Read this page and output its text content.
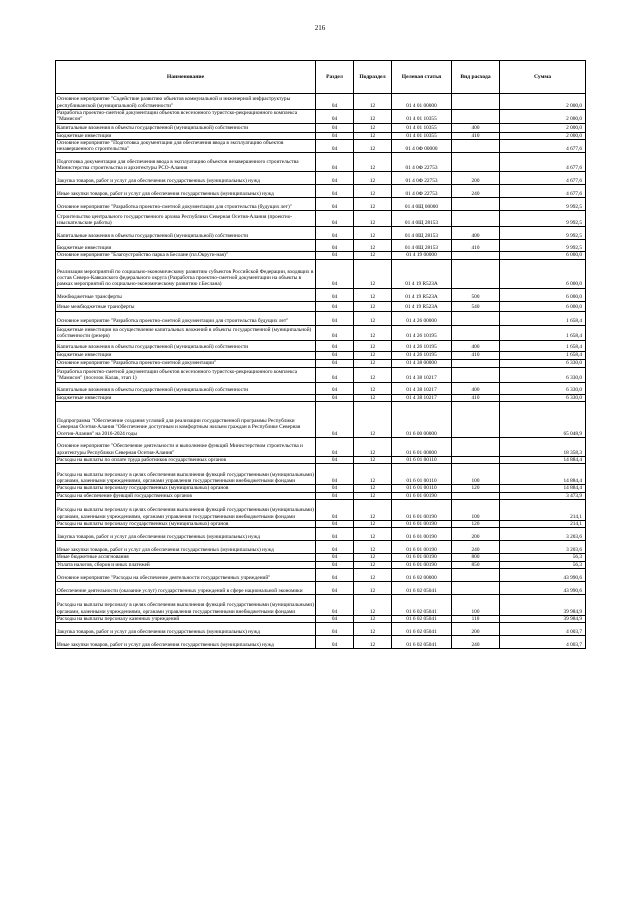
216
Наименование	Раздел	Подраздел	Целевая статья	Вид расхода	Сумма
Основное мероприятие "Содействие развитию объектов коммунальной и инженерной инфраструктуры республиканской (муниципальной) собственности"	04	12	01 4 01 00000		2 000,0
Разработка проектно-сметной документации объектов всесезонного туристско-рекреационного комплекса "Мамисон"	04	12	01 4 01 10355		2 000,0
Капитальные вложения в объекты государственной (муниципальной) собственности	04	12	01 4 01 10355	400	2 000,0
Бюджетные инвестиции	04	12	01 4 01 10355	410	2 000,0
Основное мероприятие "Подготовка документации для обеспечения ввода в эксплуатацию объектов незавершенного строительства"	04	12	01 4 0Ф 00000		4 677,6
Подготовка документации для обеспечения ввода в эксплуатацию объектов незавершенного строительства Министерства строительства и архитектуры РСО-Алания	04	12	01 4 0Ф 22753		4 677,6
Закупка товаров, работ и услуг для обеспечения государственных (муниципальных) нужд	04	12	01 4 0Ф 22753	200	4 677,6
Иные закупки товаров, работ и услуг для обеспечения государственных (муниципальных) нужд	04	12	01 4 0Ф 22753	240	4 677,6
Основное мероприятие "Разработка проектно-сметной документации для строительства (будущих лет)"	04	12	01 4 0Щ 00000		9 992,5
Строительство центрального государственного архива Республики Северная Осетия-Алания (проектно-изыскательские работы)	04	12	01 4 0Щ 28153		9 992,5
Капитальные вложения в объекты государственной (муниципальной) собственности	04	12	01 4 0Щ 28153	400	9 992,5
Бюджетные инвестиции	04	12	01 4 0Щ 28153	410	9 992,5
Основное мероприятие "Благоустройство парка в Беслане (пл.Округи-ная)"	04	12	01 4 19 00000		6 000,0
Реализация мероприятий по социально-экономическому развитию субъектов Российской Федерации, входящих в состав Северо-Кавказского федерального округа (Разработка проектно-сметной документации на объекты в рамках мероприятий по социально-экономическому развитию г.Беслана)	04	12	01 4 19 R523A		6 000,0
Межбюджетные трансферты	04	12	01 4 19 R523A	500	6 000,0
Иные межбюджетные трансферты	04	12	01 4 19 R523A	540	6 000,0
Основное мероприятие "Разработка проектно-сметной документации для строительства будущих лет"	04	12	01 4 26 00000		1 658,4
Бюджетные инвестиции на осуществление капитальных вложений в объекты государственной (муниципальной) собственности (резерв)	04	12	01 4 26 10195		1 658,4
Капитальные вложения в объекты государственной (муниципальной) собственности	04	12	01 4 26 10195	400	1 658,4
Бюджетные инвестиции	04	12	01 4 26 10195	410	1 658,4
Основное мероприятие "Разработка проектно-сметной документации"	04	12	01 4 38 00000		6 330,0
Разработка проектно-сметной документации объектов всесезонного туристско-рекреационного комплекса "Мамисон" (поселок Калак, этап 1)	04	12	01 4 38 10217		6 330,0
Капитальные вложения в объекты государственной (муниципальной) собственности	04	12	01 4 38 10217	400	6 330,0
Бюджетные инвестиции	04	12	01 4 38 10217	410	6 330,0
Подпрограмма "Обеспечение создания условий для реализации государственной программы Республики Северная Осетия-Алания "Обеспечение доступным и комфортным жильем граждан в Республике Северная Осетия-Алания" на 2016-2024 годы	04	12	01 6 00 00000		65 048,9
Основное мероприятие "Обеспечение деятельности и выполнение функций Министерством строительства и архитектуры Республики Северная Осетия-Алания"	04	12	01 6 01 00000		18 358,3
Расходы на выплаты по оплате труда работников государственных органов	04	12	01 6 01 00110		14 884,4
Расходы на выплаты персоналу в целях обеспечения выполнения функций государственными (муниципальными) органами, казенными учреждениями, органами управления государственными внебюджетными фондами	04	12	01 6 01 00110	100	14 884,4
Расходы на выплаты персоналу государственных (муниципальных) органов	04	12	01 6 01 00110	120	14 884,4
Расходы на обеспечение функций государственных органов	04	12	01 6 01 00190		3 473,9
Расходы на выплаты персоналу в целях обеспечения выполнения функций государственными (муниципальными) органами, казенными учреждениями, органами управления государственными внебюджетными фондами	04	12	01 6 01 00190	100	214,1
Расходы на выплаты персоналу государственных (муниципальных) органов	04	12	01 6 01 00190	120	214,1
Закупка товаров, работ и услуг для обеспечения государственных (муниципальных) нужд	04	12	01 6 01 00190	200	3 203,6
Иные закупки товаров, работ и услуг для обеспечения государственных (муниципальных) нужд	04	12	01 6 01 00190	240	3 203,6
Иные бюджетные ассигнования	04	12	01 6 01 00190	800	56,3
Уплата налогов, сборов и иных платежей	04	12	01 6 01 00190	850	56,3
Основное мероприятие "Расходы на обеспечение деятельности государственных учреждений"	04	12	01 6 02 00000		43 990,6
Обеспечение деятельности (оказание услуг) государственных учреждений в сфере национальной экономики	04	12	01 6 02 05041		43 990,6
Расходы на выплаты персоналу в целях обеспечения выполнения функций государственными (муниципальными) органами, казенными учреждениями, органами управления государственными внебюджетными фондами	04	12	01 6 02 05041	100	39 984,9
Расходы на выплаты персоналу казенных учреждений	04	12	01 6 02 05041	110	39 984,9
Закупка товаров, работ и услуг для обеспечения государственных (муниципальных) нужд	04	12	01 6 02 05041	200	4 003,7
Иные закупки товаров, работ и услуг для обеспечения государственных (муниципальных) нужд	04	12	01 6 02 05041	240	4 003,7
